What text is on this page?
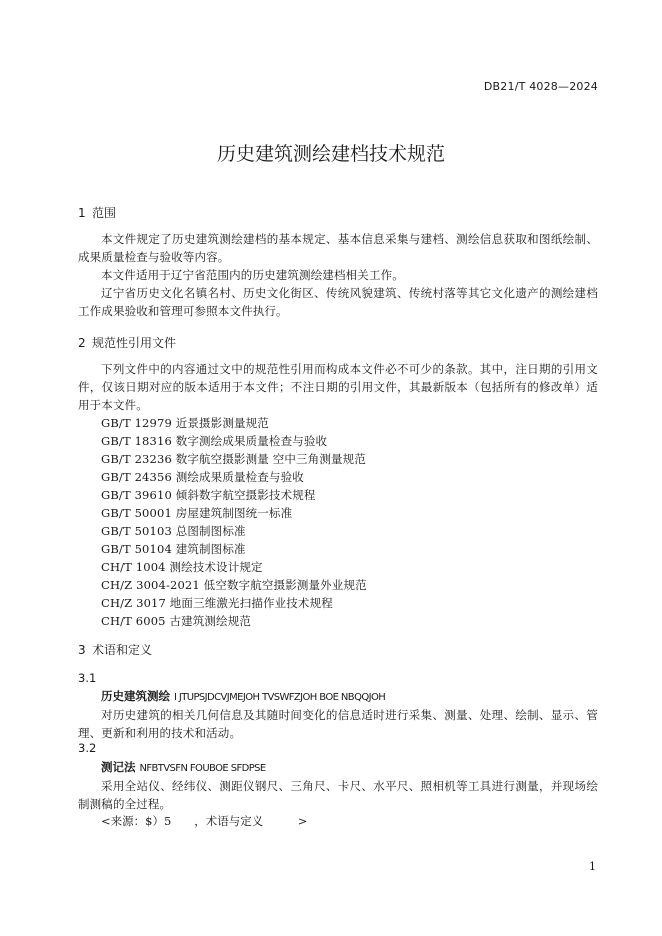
DB21/T 4028—2024
历史建筑测绘建档技术规范
1 范围
本文件规定了历史建筑测绘建档的基本规定、基本信息采集与建档、测绘信息获取和图纸绘制、成果质量检查与验收等内容。
本文件适用于辽宁省范围内的历史建筑测绘建档相关工作。
辽宁省历史文化名镇名村、历史文化街区、传统风貌建筑、传统村落等其它文化遗产的测绘建档工作成果验收和管理可参照本文件执行。
2 规范性引用文件
下列文件中的内容通过文中的规范性引用而构成本文件必不可少的条款。其中，注日期的引用文件，仅该日期对应的版本适用于本文件；不注日期的引用文件，其最新版本（包括所有的修改单）适用于本文件。
GB/T 12979 近景摄影测量规范
GB/T 18316 数字测绘成果质量检查与验收
GB/T 23236 数字航空摄影测量 空中三角测量规范
GB/T 24356 测绘成果质量检查与验收
GB/T 39610 倾斜数字航空摄影技术规程
GB/T 50001 房屋建筑制图统一标准
GB/T 50103 总图制图标准
GB/T 50104 建筑制图标准
CH/T 1004 测绘技术设计规定
CH/Z 3004-2021 低空数字航空摄影测量外业规范
CH/Z 3017 地面三维激光扫描作业技术规程
CH/T 6005 古建筑测绘规范
3 术语和定义
3.1
历史建筑测绘 I JTUPSJDCVJMEJOH TVSWFZJOH BOE NBQQJOH
对历史建筑的相关几何信息及其随时间变化的信息适时进行采集、测量、处理、绘制、显示、管理、更新和利用的技术和活动。
3.2
测记法 NFBTVSFN FOUBOE SFDPSE
采用全站仪、经纬仪、测距仪钢尺、三角尺、卡尺、水平尺、照相机等工具进行测量，并现场绘制测稿的全过程。
<来源：$）5　　，术语与定义　　　>
1
